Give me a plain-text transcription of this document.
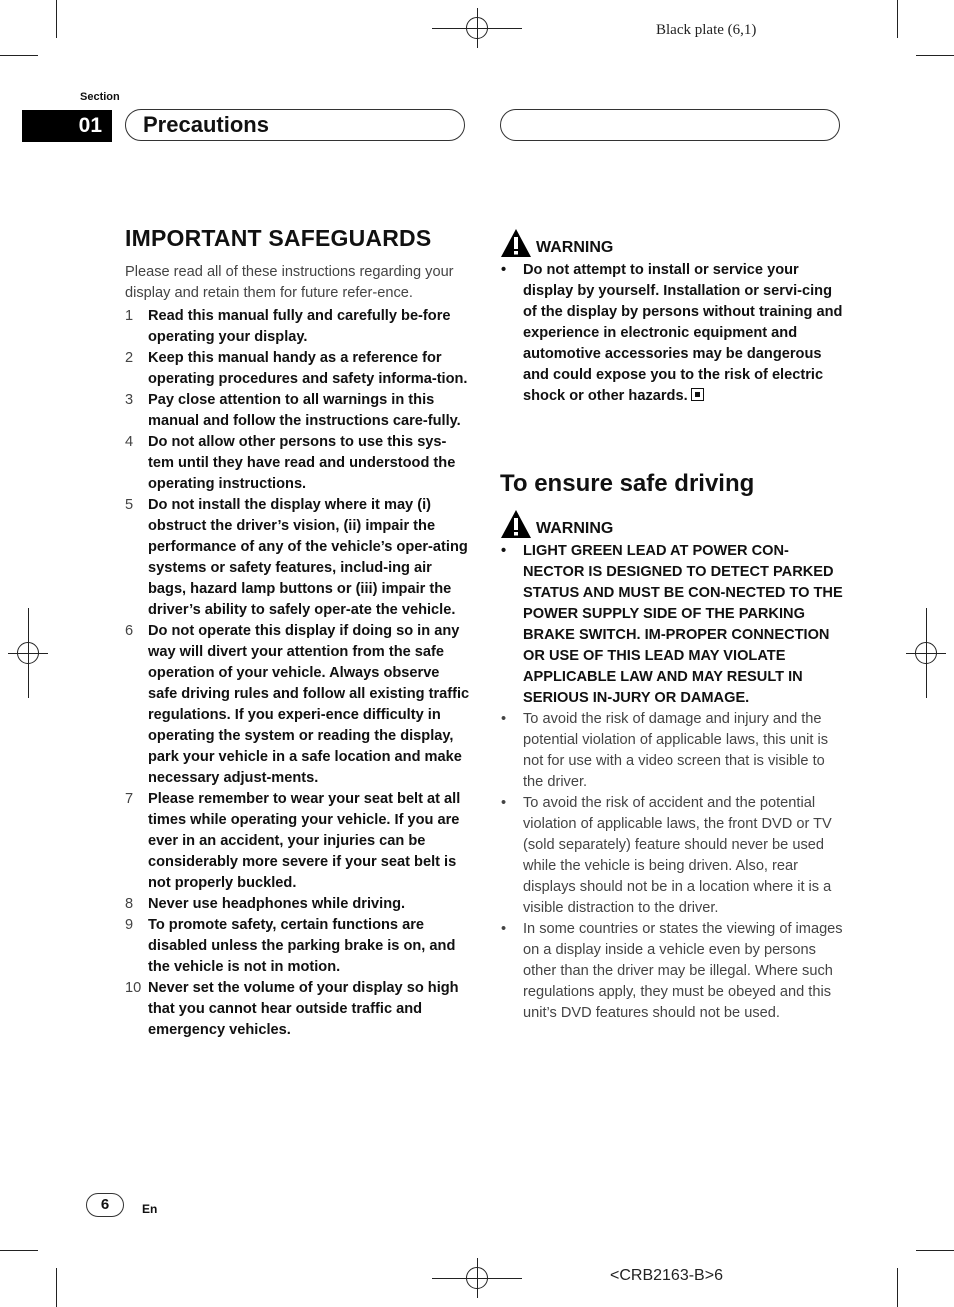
Black plate (6,1)
Section
01	Precautions
IMPORTANT SAFEGUARDS

Please read all of these instructions regarding your display and retain them for future refer-ence.

1 Read this manual fully and carefully be-fore operating your display.
2 Keep this manual handy as a reference for operating procedures and safety informa-tion.
3 Pay close attention to all warnings in this manual and follow the instructions care-fully.
4 Do not allow other persons to use this sys-tem until they have read and understood the operating instructions.
5 Do not install the display where it may (i) obstruct the driver’s vision, (ii) impair the performance of any of the vehicle’s oper-ating systems or safety features, includ-ing air bags, hazard lamp buttons or (iii) impair the driver’s ability to safely oper-ate the vehicle.
6 Do not operate this display if doing so in any way will divert your attention from the safe operation of your vehicle. Always observe safe driving rules and follow all existing traffic regulations. If you experi-ence difficulty in operating the system or reading the display, park your vehicle in a safe location and make necessary adjust-ments.
7 Please remember to wear your seat belt at all times while operating your vehicle. If you are ever in an accident, your injuries can be considerably more severe if your seat belt is not properly buckled.
8 Never use headphones while driving.
9 To promote safety, certain functions are disabled unless the parking brake is on, and the vehicle is not in motion.
10 Never set the volume of your display so high that you cannot hear outside traffic and emergency vehicles.
WARNING
• Do not attempt to install or service your display by yourself. Installation or servi-cing of the display by persons without training and experience in electronic equipment and automotive accessories may be dangerous and could expose you to the risk of electric shock or other hazards.
To ensure safe driving
WARNING
• LIGHT GREEN LEAD AT POWER CON-NECTOR IS DESIGNED TO DETECT PARKED STATUS AND MUST BE CON-NECTED TO THE POWER SUPPLY SIDE OF THE PARKING BRAKE SWITCH. IM-PROPER CONNECTION OR USE OF THIS LEAD MAY VIOLATE APPLICABLE LAW AND MAY RESULT IN SERIOUS IN-JURY OR DAMAGE.
• To avoid the risk of damage and injury and the potential violation of applicable laws, this unit is not for use with a video screen that is visible to the driver.
• To avoid the risk of accident and the potential violation of applicable laws, the front DVD or TV (sold separately) feature should never be used while the vehicle is being driven. Also, rear displays should not be in a location where it is a visible distraction to the driver.
• In some countries or states the viewing of images on a display inside a vehicle even by persons other than the driver may be illegal. Where such regulations apply, they must be obeyed and this unit’s DVD features should not be used.
6	En
<CRB2163-B>6
